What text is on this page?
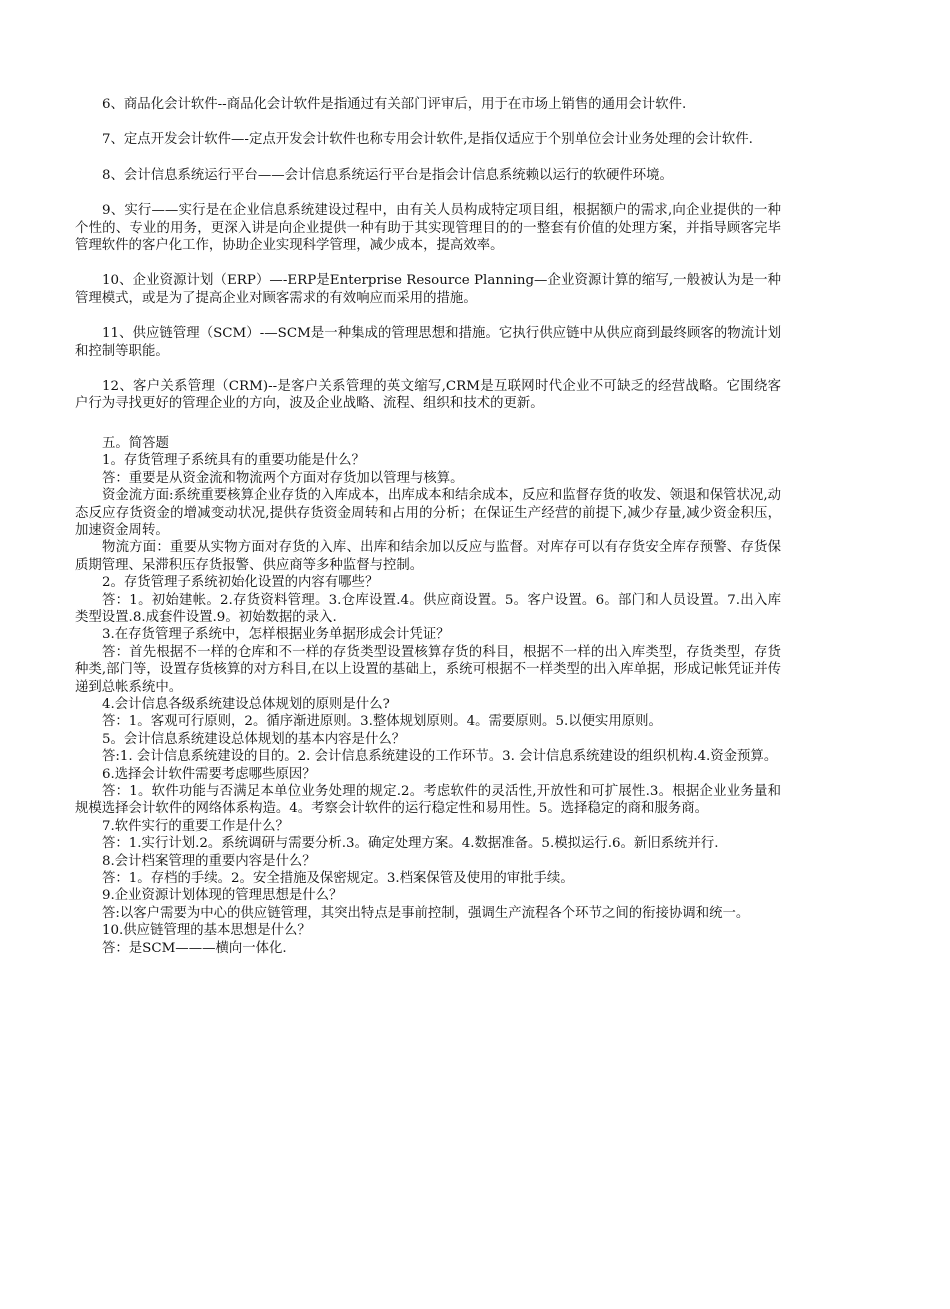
6、商品化会计软件--商品化会计软件是指通过有关部门评审后，用于在市场上销售的通用会计软件.

7、定点开发会计软件—-定点开发会计软件也称专用会计软件,是指仅适应于个别单位会计业务处理的会计软件.

8、会计信息系统运行平台——会计信息系统运行平台是指会计信息系统赖以运行的软硬件环境。

9、实行——实行是在企业信息系统建设过程中，由有关人员构成特定项目组，根据额户的需求,向企业提供的一种个性的、专业的用务，更深入讲是向企业提供一种有助于其实现管理目的的一整套有价值的处理方案，并指导顾客完毕管理软件的客户化工作，协助企业实现科学管理，减少成本，提高效率。

10、企业资源计划（ERP）—-ERP是Enterprise Resource Planning—企业资源计算的缩写,一般被认为是一种管理模式，或是为了提高企业对顾客需求的有效响应而采用的措施。

11、供应链管理（SCM）-—SCM是一种集成的管理思想和措施。它执行供应链中从供应商到最终顾客的物流计划和控制等职能。

12、客户关系管理（CRM)--是客户关系管理的英文缩写,CRM是互联网时代企业不可缺乏的经营战略。它围绕客户行为寻找更好的管理企业的方向，波及企业战略、流程、组织和技术的更新。

五。简答题

1。存货管理子系统具有的重要功能是什么？

答：重要是从资金流和物流两个方面对存货加以管理与核算。

资金流方面:系统重要核算企业存货的入库成本，出库成本和结余成本，反应和监督存货的收发、领退和保管状况,动态反应存货资金的增减变动状况,提供存货资金周转和占用的分析；在保证生产经营的前提下,减少存量,减少资金积压，加速资金周转。

物流方面：重要从实物方面对存货的入库、出库和结余加以反应与监督。对库存可以有存货安全库存预警、存货保质期管理、呆滞积压存货报警、供应商等多种监督与控制。

2。存货管理子系统初始化设置的内容有哪些？

答：1。初始建帐。2.存货资料管理。3.仓库设置.4。供应商设置。5。客户设置。6。部门和人员设置。7.出入库类型设置.8.成套件设置.9。初始数据的录入.

3.在存货管理子系统中，怎样根据业务单据形成会计凭证？

答：首先根据不一样的仓库和不一样的存货类型设置核算存货的科目，根据不一样的出入库类型，存货类型，存货种类,部门等，设置存货核算的对方科目,在以上设置的基础上，系统可根据不一样类型的出入库单据，形成记帐凭证并传递到总帐系统中。

4.会计信息各级系统建设总体规划的原则是什么?

答：1。客观可行原则，2。循序渐进原则。3.整体规划原则。4。需要原则。5.以便实用原则。

5。会计信息系统建设总体规划的基本内容是什么？

答:1. 会计信息系统建设的目的。2. 会计信息系统建设的工作环节。3. 会计信息系统建设的组织机构.4.资金预算。

6.选择会计软件需要考虑哪些原因？

答：1。软件功能与否满足本单位业务处理的规定.2。考虑软件的灵活性,开放性和可扩展性.3。根据企业业务量和规模选择会计软件的网络体系构造。4。考察会计软件的运行稳定性和易用性。5。选择稳定的商和服务商。

7.软件实行的重要工作是什么？

答：1.实行计划.2。系统调研与需要分析.3。确定处理方案。4.数据准备。5.模拟运行.6。新旧系统并行.

8.会计档案管理的重要内容是什么？

答：1。存档的手续。2。安全措施及保密规定。3.档案保管及使用的审批手续。

9.企业资源计划体现的管理思想是什么？

答:以客户需要为中心的供应链管理，其突出特点是事前控制，强调生产流程各个环节之间的衔接协调和统一。

10.供应链管理的基本思想是什么？

答：是SCM———横向一体化.
